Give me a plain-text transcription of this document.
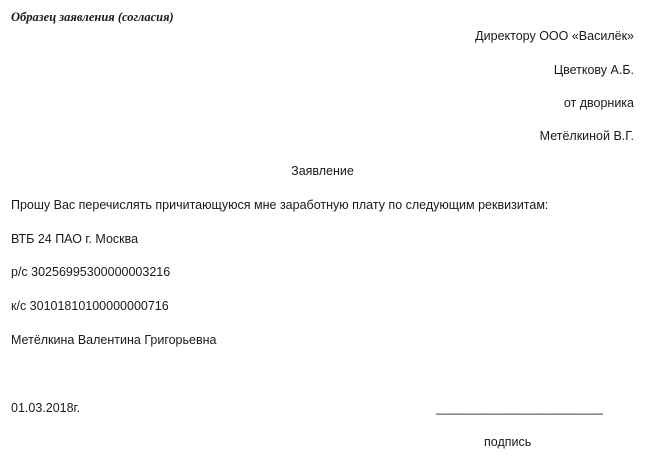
Образец заявления (согласия)
Директору ООО «Василёк»
Цветкову А.Б.
от дворника
Метёлкиной В.Г.
Заявление
Прошу Вас перечислять причитающуюся мне заработную плату по следующим реквизитам:
ВТБ 24 ПАО г. Москва
р/с 30256995300000003216
к/с 30101810100000000716
Метёлкина Валентина Григорьевна
01.03.2018г.	________________________
подпись
